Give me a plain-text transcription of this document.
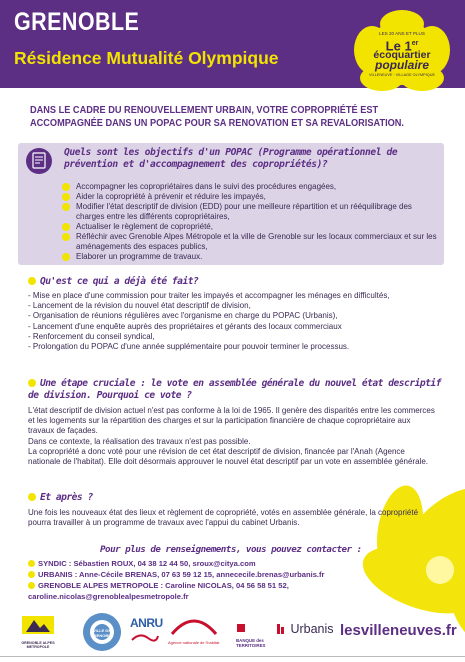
GRENOBLE
Résidence Mutualité Olympique
LES 20 ANS ET PLUS
Le 1er
écoquartier
populaire
VILLENEUVE · VILLAGE OLYMPIQUE
DANS LE CADRE DU RENOUVELLEMENT URBAIN, VOTRE COPROPRIÉTÉ EST ACCOMPAGNÉE DANS UN POPAC POUR SA RENOVATION ET SA REVALORISATION.
Quels sont les objectifs d'un POPAC (Programme opérationnel de prévention et d'accompagnement des copropriétés)?
Accompagner les copropriétaires dans le suivi des procédures engagées,
Aider la copropriété à prévenir et réduire les impayés,
Modifier l'état descriptif de division (EDD) pour une meilleure répartition et un rééquilibrage des charges entre les différents copropriétaires,
Actualiser le règlement de copropriété,
Réfléchir avec Grenoble Alpes Métropole et la ville de Grenoble sur les locaux commerciaux et sur les aménagements des espaces publics,
Elaborer un programme de travaux.
Qu'est ce qui a déjà été fait?

- Mise en place d'une commission pour traiter les impayés et accompagner les ménages en difficultés,

- Lancement de la révision du nouvel état descriptif de division,

- Organisation de réunions régulières avec l'organisme en charge du POPAC (Urbanis),

- Lancement d'une enquête auprès des propriétaires et gérants des locaux commerciaux

- Renforcement du conseil syndical,

- Prolongation du POPAC d'une année supplémentaire pour pouvoir terminer le processus.

Une étape cruciale : le vote en assemblée générale du nouvel état descriptif de division. Pourquoi ce vote ?

L'état descriptif de division actuel n'est pas conforme à la loi de 1965. Il genère des disparités entre les commerces et les logements sur la répartition des charges et sur la participation financière de chaque copropriétaire aux travaux de façades.

Dans ce contexte, la réalisation des travaux n'est pas possible.

La copropriété a donc voté pour une révision de cet état descriptif de division, financée par l'Anah (Agence nationale de l'habitat). Elle doit désormais approuver le nouvel état descriptif par un vote en assemblée générale.

Et après ?

Une fois les nouveaux état des lieux et règlement de copropriété, votés en assemblée générale, la copropriété pourra travailler à un programme de travaux avec l'appui du cabinet Urbanis.

Pour plus de renseignements, vous pouvez contacter :
SYNDIC : Sébastien ROUX, 04 38 12 44 50, sroux@citya.com
URBANIS : Anne-Cécile BRENAS, 07 63 59 12 15, annececile.brenas@urbanis.fr
GRENOBLE ALPES METROPOLE : Caroline NICOLAS, 04 56 58 51 52,
caroline.nicolas@grenoblealpesmetropole.fr
GRENOBLE ALPES METROPOLE
VILLE DE GRENOBLE
ANRU
Agence nationale de l'habitat	BANQUE des TERRITOIRES
Urbanis lesvilleneuves.fr
